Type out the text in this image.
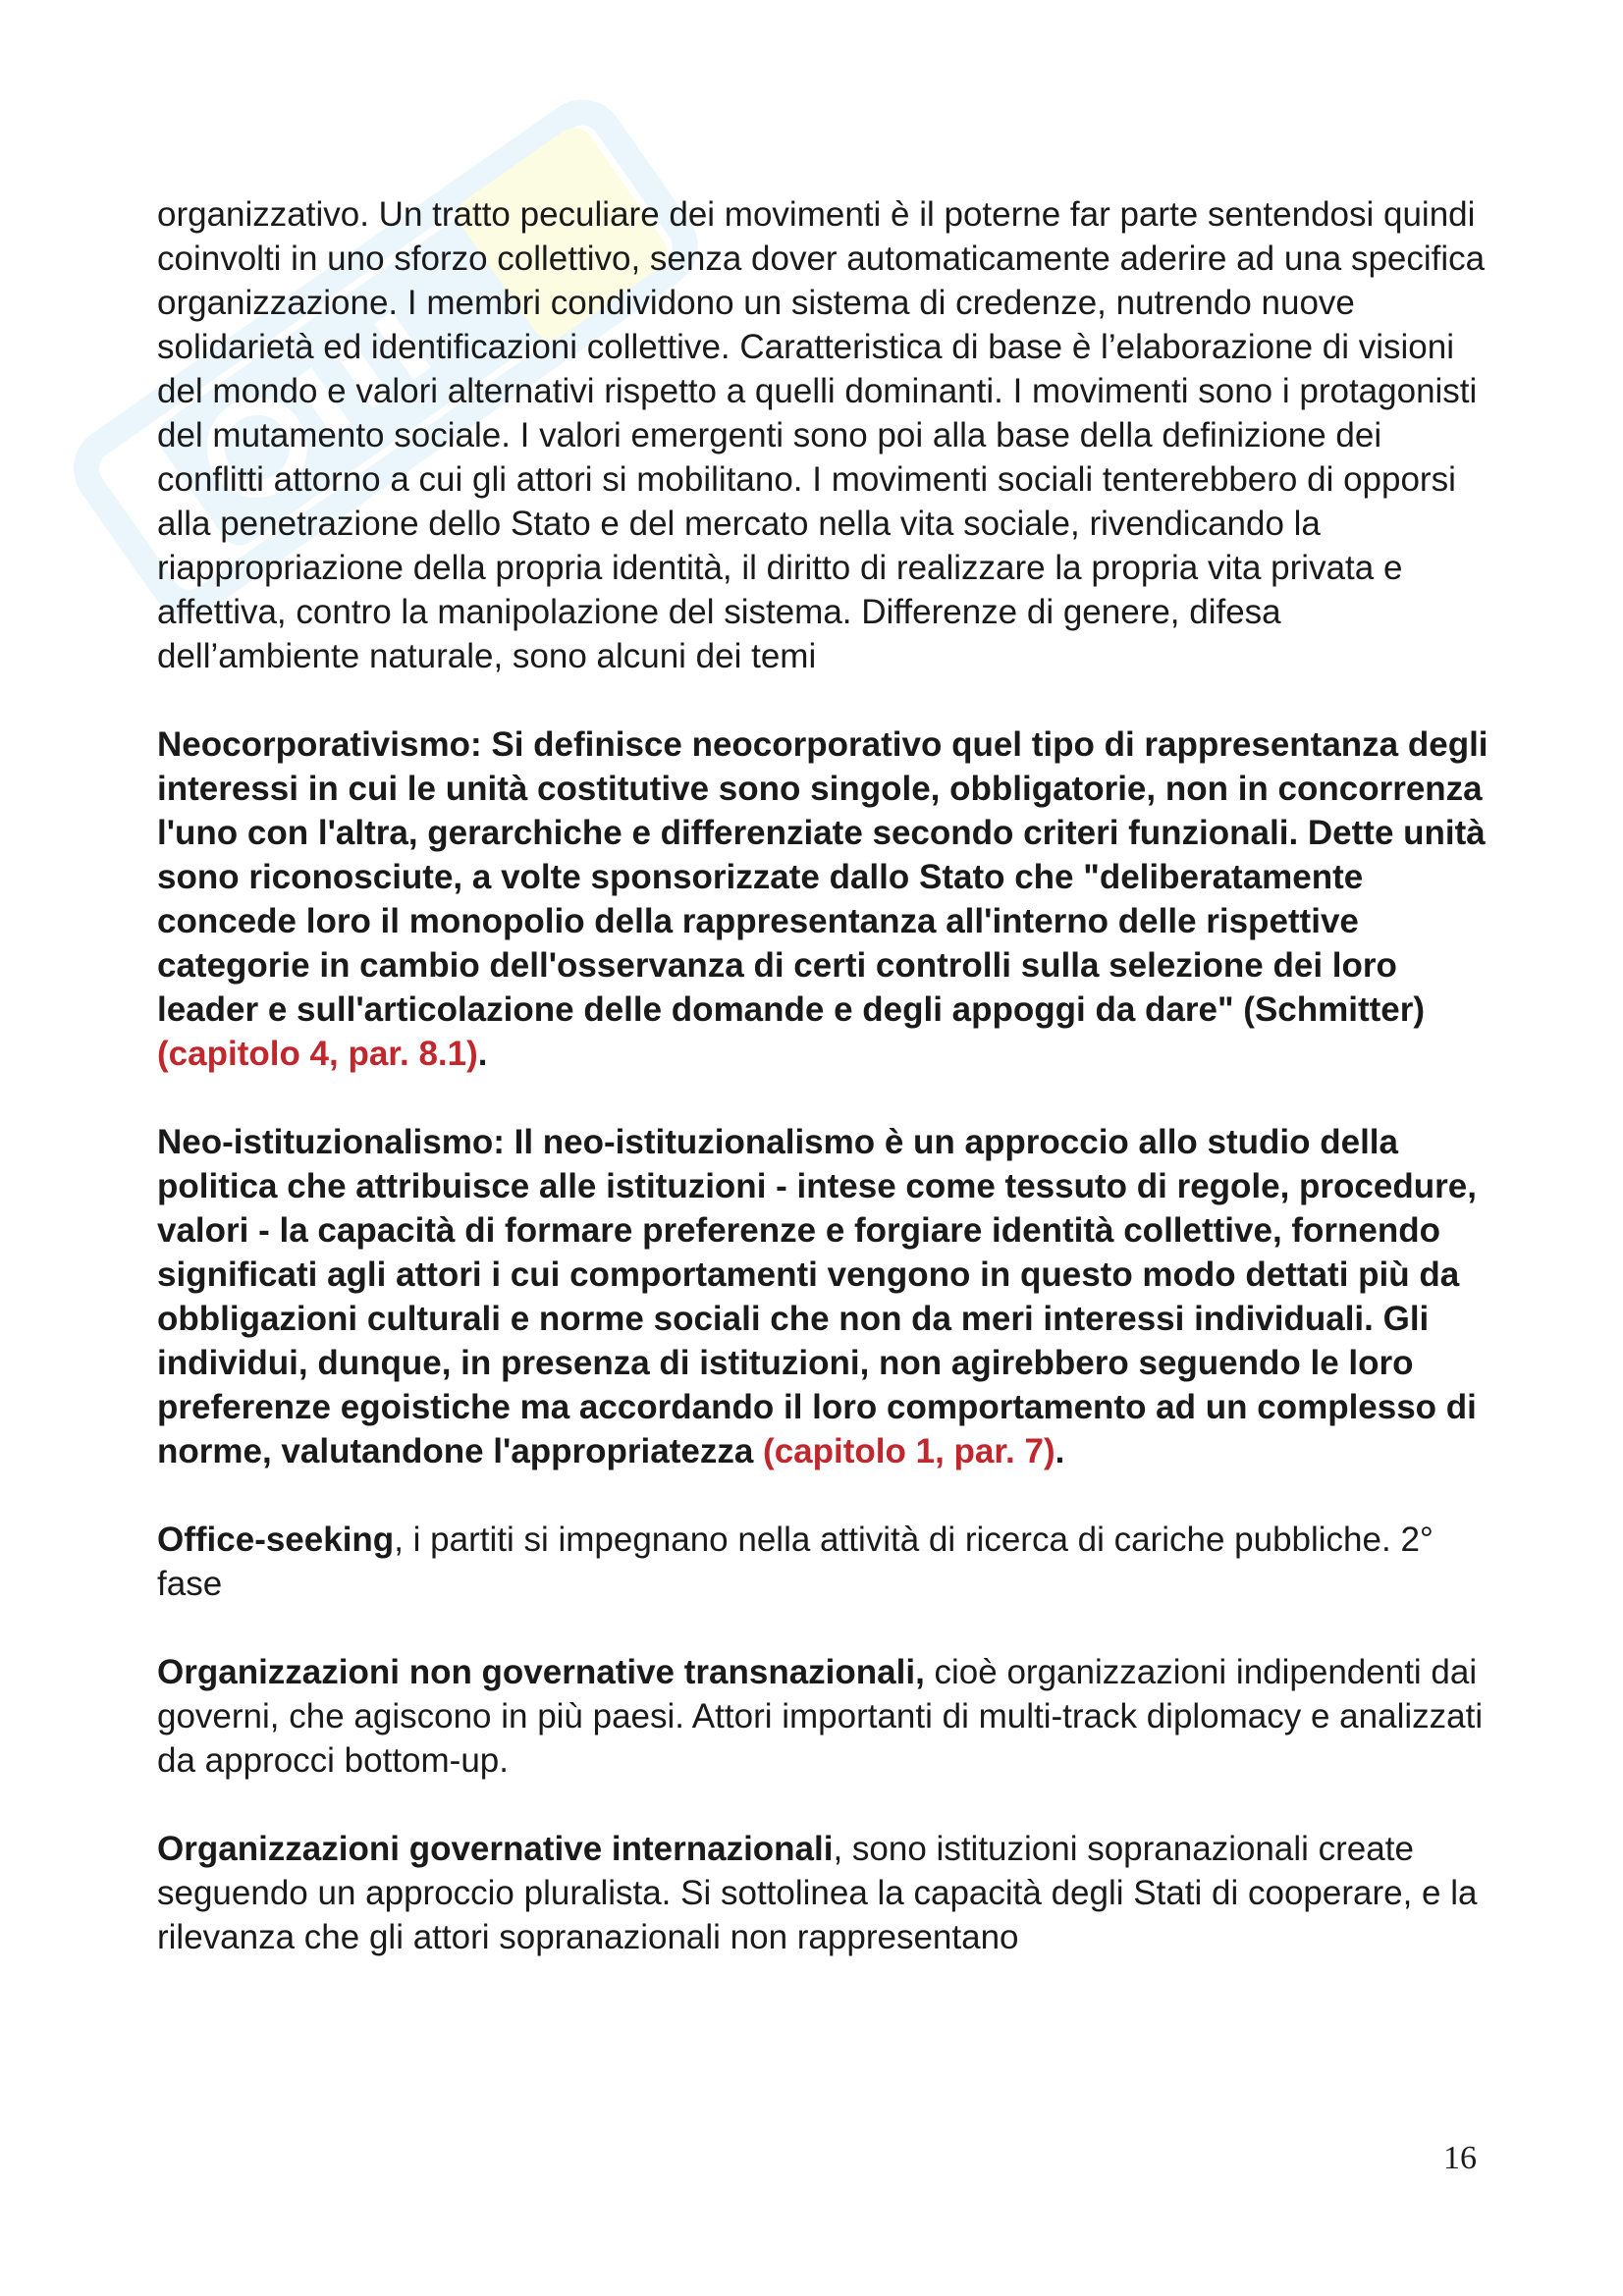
organizzativo. Un tratto peculiare dei movimenti è il poterne far parte sentendosi quindi coinvolti in uno sforzo collettivo, senza dover automaticamente aderire ad una specifica organizzazione. I membri condividono un sistema di credenze, nutrendo nuove solidarietà ed identificazioni collettive. Caratteristica di base è l’elaborazione di visioni del mondo e valori alternativi rispetto a quelli dominanti. I movimenti sono i protagonisti del mutamento sociale. I valori emergenti sono poi alla base della definizione dei conflitti attorno a cui gli attori si mobilitano. I movimenti sociali tenterebbero di opporsi alla penetrazione dello Stato e del mercato nella vita sociale, rivendicando la riappropriazione della propria identità, il diritto di realizzare la propria vita privata e affettiva, contro la manipolazione del sistema. Differenze di genere, difesa dell’ambiente naturale, sono alcuni dei temi

Neocorporativismo: Si definisce neocorporativo quel tipo di rappresentanza degli interessi in cui le unità costitutive sono singole, obbligatorie, non in concorrenza l'uno con l'altra, gerarchiche e differenziate secondo criteri funzionali. Dette unità sono riconosciute, a volte sponsorizzate dallo Stato che "deliberatamente concede loro il monopolio della rappresentanza all'interno delle rispettive categorie in cambio dell'osservanza di certi controlli sulla selezione dei loro leader e sull'articolazione delle domande e degli appoggi da dare" (Schmitter) (capitolo 4, par. 8.1).

Neo-istituzionalismo: Il neo-istituzionalismo è un approccio allo studio della politica che attribuisce alle istituzioni - intese come tessuto di regole, procedure, valori - la capacità di formare preferenze e forgiare identità collettive, fornendo significati agli attori i cui comportamenti vengono in questo modo dettati più da obbligazioni culturali e norme sociali che non da meri interessi individuali. Gli individui, dunque, in presenza di istituzioni, non agirebbero seguendo le loro preferenze egoistiche ma accordando il loro comportamento ad un complesso di norme, valutandone l'appropriatezza (capitolo 1, par. 7).

Office-seeking, i partiti si impegnano nella attività di ricerca di cariche pubbliche. 2° fase

Organizzazioni non governative transnazionali, cioè organizzazioni indipendenti dai governi, che agiscono in più paesi. Attori importanti di multi-track diplomacy e analizzati da approcci bottom-up.

Organizzazioni governative internazionali, sono istituzioni sopranazionali create seguendo un approccio pluralista. Si sottolinea la capacità degli Stati di cooperare, e la rilevanza che gli attori sopranazionali non rappresentano

16
